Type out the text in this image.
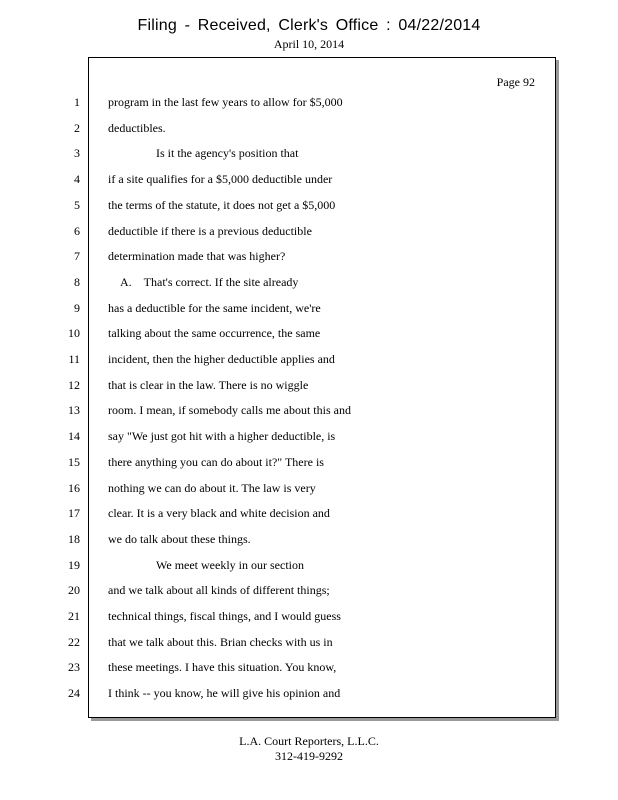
Filing - Received, Clerk's Office : 04/22/2014
April 10, 2014
Page 92
1 program in the last few years to allow for $5,000
2 deductibles.
3 Is it the agency's position that
4 if a site qualifies for a $5,000 deductible under
5 the terms of the statute, it does not get a $5,000
6 deductible if there is a previous deductible
7 determination made that was higher?
8 A.    That's correct. If the site already
9 has a deductible for the same incident, we're
10 talking about the same occurrence, the same
11 incident, then the higher deductible applies and
12 that is clear in the law. There is no wiggle
13 room. I mean, if somebody calls me about this and
14 say "We just got hit with a higher deductible, is
15 there anything you can do about it?" There is
16 nothing we can do about it. The law is very
17 clear. It is a very black and white decision and
18 we do talk about these things.
19 We meet weekly in our section
20 and we talk about all kinds of different things;
21 technical things, fiscal things, and I would guess
22 that we talk about this. Brian checks with us in
23 these meetings. I have this situation. You know,
24 I think -- you know, he will give his opinion and
L.A. Court Reporters, L.L.C.
312-419-9292
